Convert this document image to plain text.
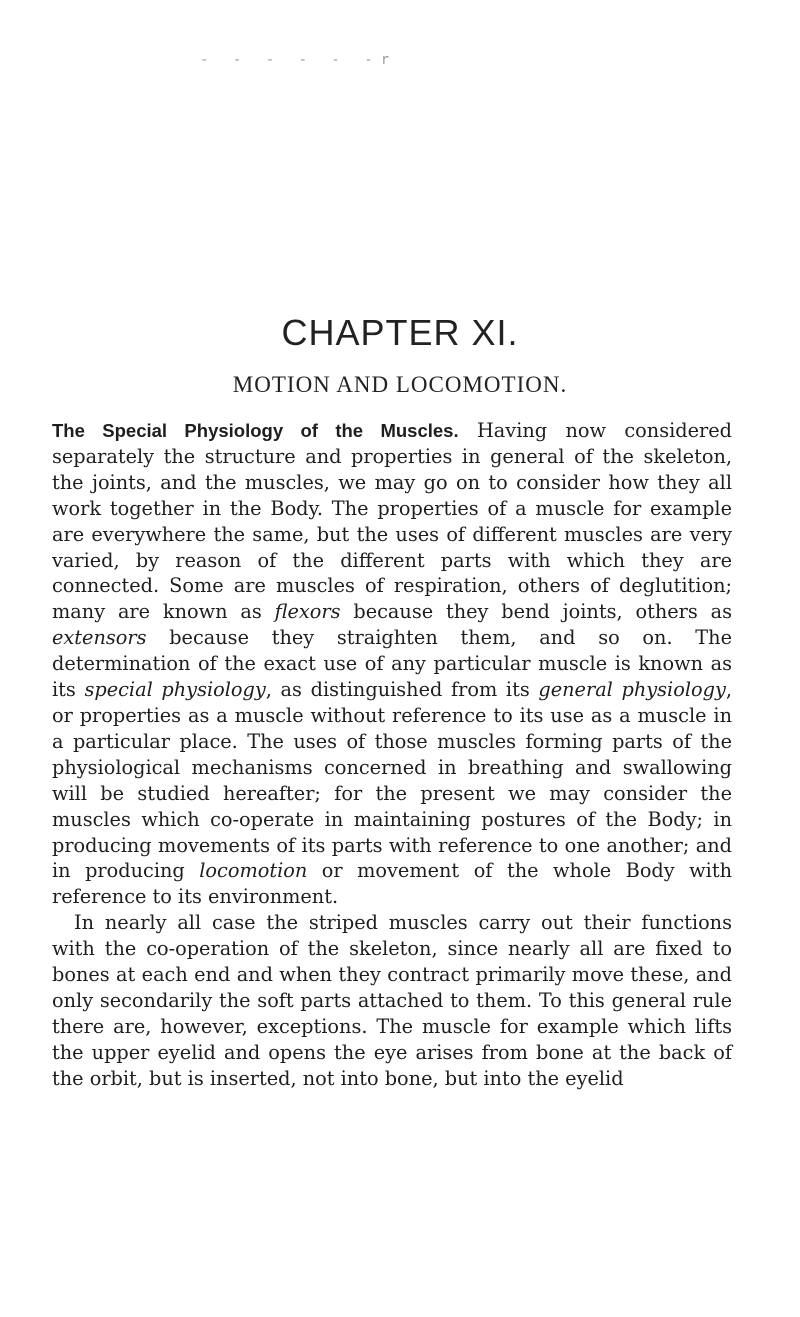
- - - - - -r
CHAPTER XI.
MOTION AND LOCOMOTION.

The Special Physiology of the Muscles. Having now considered separately the structure and properties in general of the skeleton, the joints, and the muscles, we may go on to consider how they all work together in the Body. The properties of a muscle for example are everywhere the same, but the uses of different muscles are very varied, by reason of the different parts with which they are connected. Some are muscles of respiration, others of deglutition; many are known as flexors because they bend joints, others as extensors because they straighten them, and so on. The determination of the exact use of any particular muscle is known as its special physiology, as distinguished from its general physiology, or properties as a muscle without reference to its use as a muscle in a particular place. The uses of those muscles forming parts of the physiological mechanisms concerned in breathing and swallowing will be studied hereafter; for the present we may consider the muscles which co-operate in maintaining postures of the Body; in producing movements of its parts with reference to one another; and in producing locomotion or movement of the whole Body with reference to its environment.

In nearly all case the striped muscles carry out their functions with the co-operation of the skeleton, since nearly all are fixed to bones at each end and when they contract primarily move these, and only secondarily the soft parts attached to them. To this general rule there are, however, exceptions. The muscle for example which lifts the upper eyelid and opens the eye arises from bone at the back of the orbit, but is inserted, not into bone, but into the eyelid
